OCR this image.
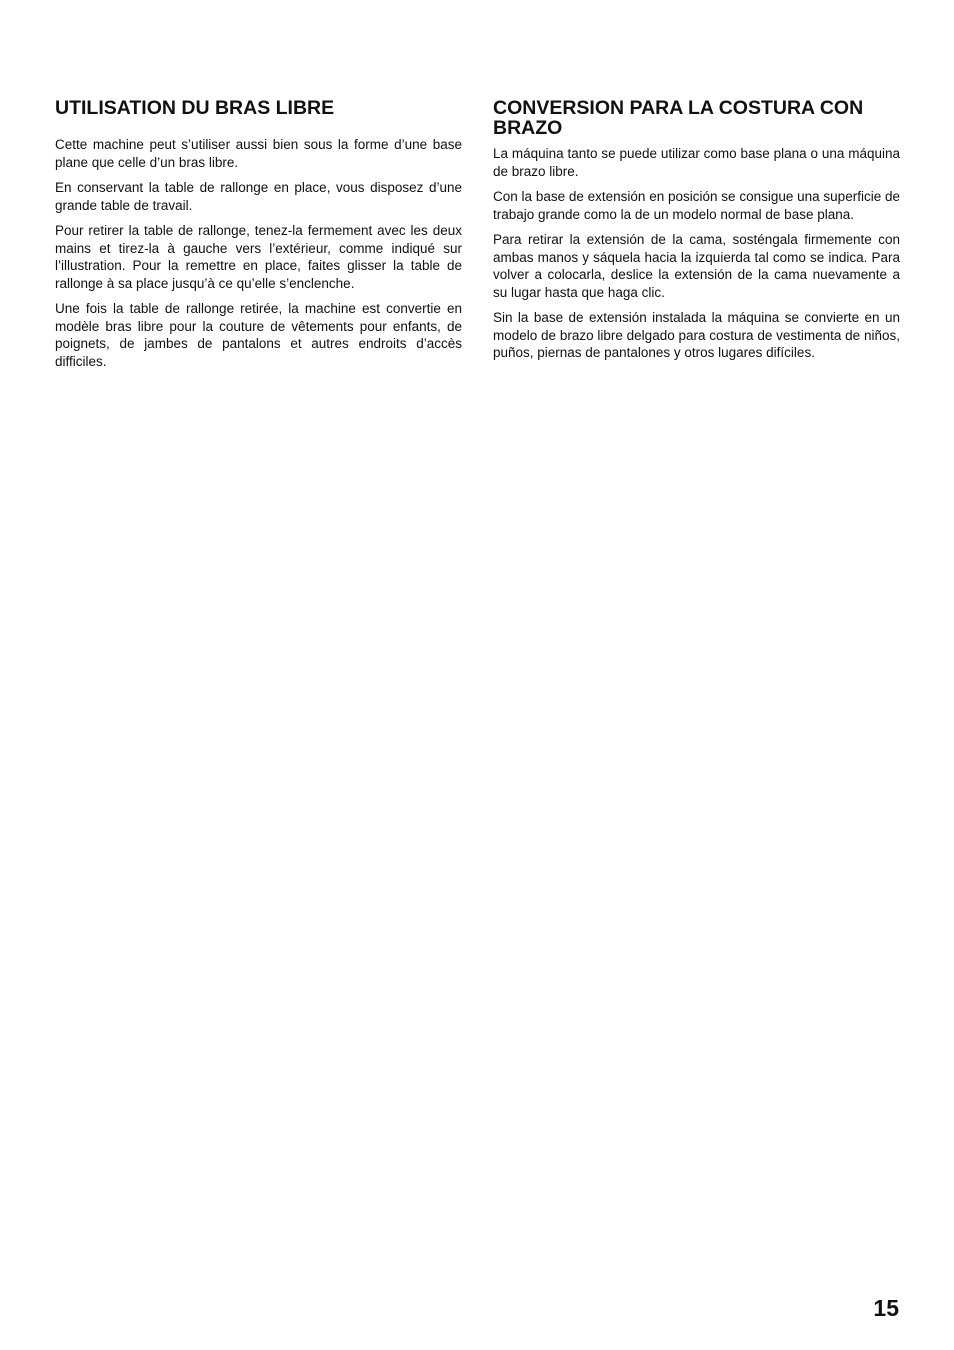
UTILISATION DU BRAS LIBRE

Cette machine peut s’utiliser aussi bien sous la forme d’une base plane que celle d’un bras libre.

En conservant la table de rallonge en place, vous disposez d’une grande table de travail.

Pour retirer la table de rallonge, tenez-la fermement avec les deux mains et tirez-la à gauche vers l’extérieur, comme indiqué sur l’illustration. Pour la remettre en place, faites glisser la table de rallonge à sa place jusqu’à ce qu’elle s’enclenche.

Une fois la table de rallonge retirée, la machine est convertie en modèle bras libre pour la couture de vêtements pour enfants, de poignets, de jambes de pantalons et autres endroits d’accès difficiles.

CONVERSION PARA LA COSTURA CON BRAZO

La máquina tanto se puede utilizar como base plana o una máquina de brazo libre.

Con la base de extensión en posición se consigue una superficie de trabajo grande como la de un modelo normal de base plana.

Para retirar la extensión de la cama, sosténgala firmemente con ambas manos y sáquela hacia la izquierda tal como se indica. Para volver a colocarla, deslice la extensión de la cama nuevamente a su lugar hasta que haga clic.

Sin la base de extensión instalada la máquina se convierte en un modelo de brazo libre delgado para costura de vestimenta de niños, puños, piernas de pantalones y otros lugares difíciles.

15
